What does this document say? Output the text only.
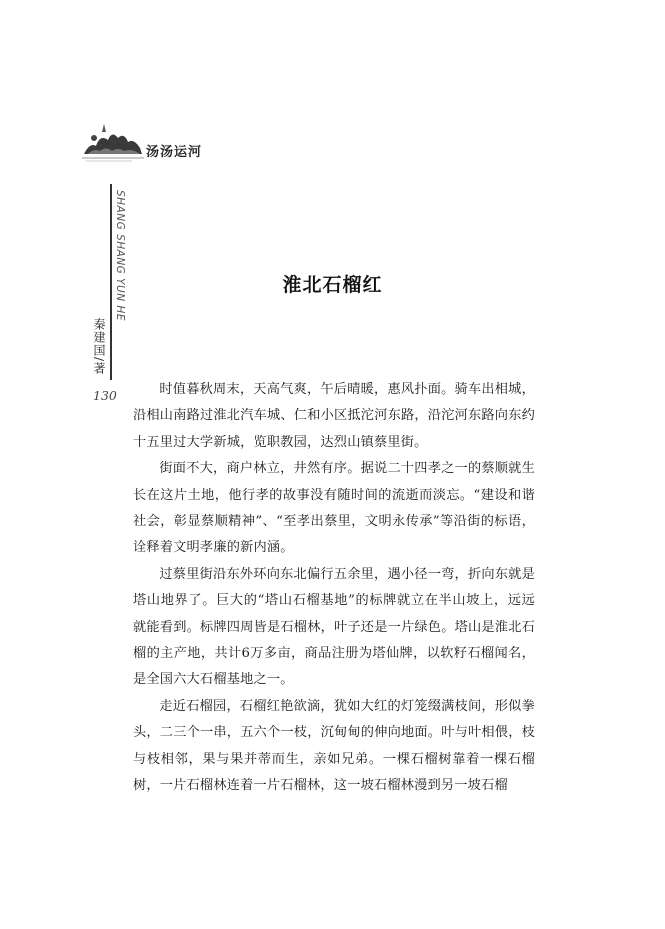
汤汤运河
SHANG SHANG YUN HE
秦建国/著
130
淮北石榴红

时值暮秋周末，天高气爽，午后晴暖，惠风扑面。骑车出相城，沿相山南路过淮北汽车城、仁和小区抵沱河东路，沿沱河东路向东约十五里过大学新城，览职教园，达烈山镇蔡里街。

街面不大，商户林立，井然有序。据说二十四孝之一的蔡顺就生长在这片土地，他行孝的故事没有随时间的流逝而淡忘。“建设和谐社会，彰显蔡顺精神”、“至孝出蔡里，文明永传承”等沿街的标语，诠释着文明孝廉的新内涵。

过蔡里街沿东外环向东北偏行五余里，遇小径一弯，折向东就是塔山地界了。巨大的“塔山石榴基地”的标牌就立在半山坡上，远远就能看到。标牌四周皆是石榴林，叶子还是一片绿色。塔山是淮北石榴的主产地，共计6万多亩，商品注册为塔仙牌，以软籽石榴闻名，是全国六大石榴基地之一。

走近石榴园，石榴红艳欲滴，犹如大红的灯笼缀满枝间，形似拳头，二三个一串，五六个一枝，沉甸甸的伸向地面。叶与叶相偎，枝与枝相邻，果与果并蒂而生，亲如兄弟。一棵石榴树靠着一棵石榴树，一片石榴林连着一片石榴林，这一坡石榴林漫到另一坡石榴
